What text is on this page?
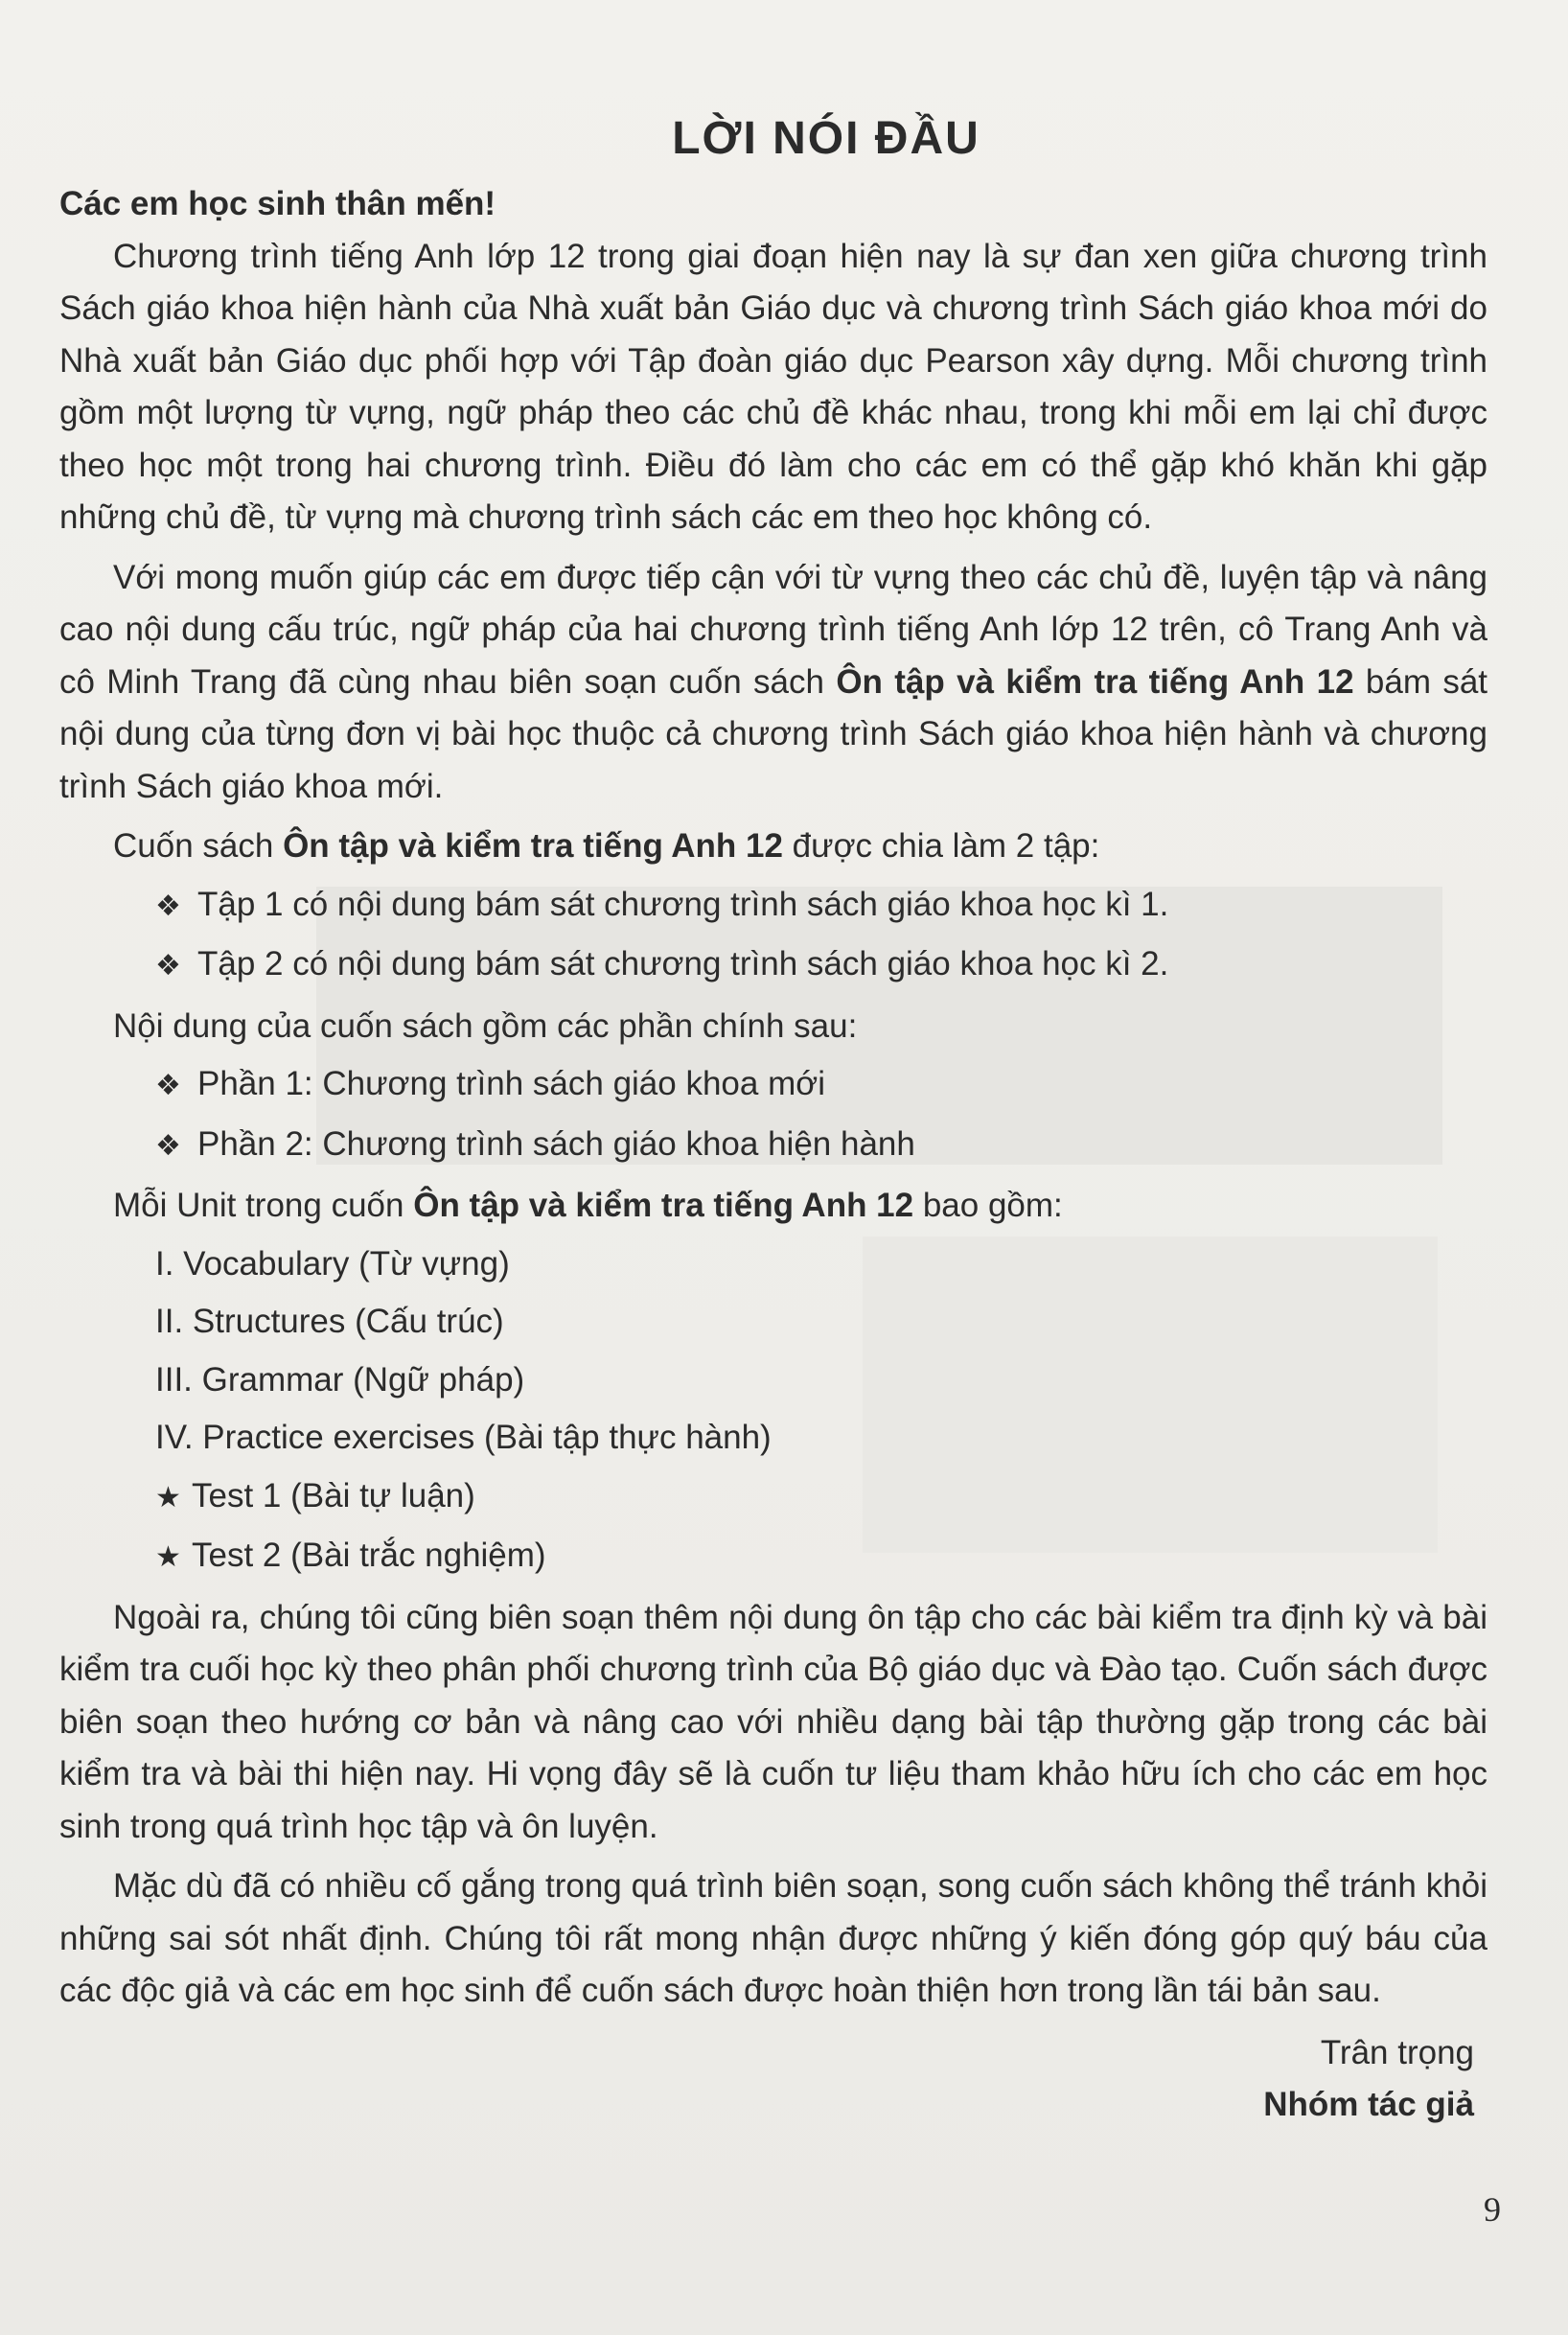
LỜI NÓI ĐẦU

Các em học sinh thân mến!

Chương trình tiếng Anh lớp 12 trong giai đoạn hiện nay là sự đan xen giữa chương trình Sách giáo khoa hiện hành của Nhà xuất bản Giáo dục và chương trình Sách giáo khoa mới do Nhà xuất bản Giáo dục phối hợp với Tập đoàn giáo dục Pearson xây dựng. Mỗi chương trình gồm một lượng từ vựng, ngữ pháp theo các chủ đề khác nhau, trong khi mỗi em lại chỉ được theo học một trong hai chương trình. Điều đó làm cho các em có thể gặp khó khăn khi gặp những chủ đề, từ vựng mà chương trình sách các em theo học không có.

Với mong muốn giúp các em được tiếp cận với từ vựng theo các chủ đề, luyện tập và nâng cao nội dung cấu trúc, ngữ pháp của hai chương trình tiếng Anh lớp 12 trên, cô Trang Anh và cô Minh Trang đã cùng nhau biên soạn cuốn sách Ôn tập và kiểm tra tiếng Anh 12 bám sát nội dung của từng đơn vị bài học thuộc cả chương trình Sách giáo khoa hiện hành và chương trình Sách giáo khoa mới.

Cuốn sách Ôn tập và kiểm tra tiếng Anh 12 được chia làm 2 tập:

❖ Tập 1 có nội dung bám sát chương trình sách giáo khoa học kì 1.
❖ Tập 2 có nội dung bám sát chương trình sách giáo khoa học kì 2.

Nội dung của cuốn sách gồm các phần chính sau:

❖ Phần 1: Chương trình sách giáo khoa mới
❖ Phần 2: Chương trình sách giáo khoa hiện hành

Mỗi Unit trong cuốn Ôn tập và kiểm tra tiếng Anh 12 bao gồm:

I. Vocabulary (Từ vựng)
II. Structures (Cấu trúc)
III. Grammar (Ngữ pháp)
IV. Practice exercises (Bài tập thực hành)
★ Test 1 (Bài tự luận)
★ Test 2 (Bài trắc nghiệm)

Ngoài ra, chúng tôi cũng biên soạn thêm nội dung ôn tập cho các bài kiểm tra định kỳ và bài kiểm tra cuối học kỳ theo phân phối chương trình của Bộ giáo dục và Đào tạo. Cuốn sách được biên soạn theo hướng cơ bản và nâng cao với nhiều dạng bài tập thường gặp trong các bài kiểm tra và bài thi hiện nay. Hi vọng đây sẽ là cuốn tư liệu tham khảo hữu ích cho các em học sinh trong quá trình học tập và ôn luyện.

Mặc dù đã có nhiều cố gắng trong quá trình biên soạn, song cuốn sách không thể tránh khỏi những sai sót nhất định. Chúng tôi rất mong nhận được những ý kiến đóng góp quý báu của các độc giả và các em học sinh để cuốn sách được hoàn thiện hơn trong lần tái bản sau.

Trân trọng

Nhóm tác giả

9
